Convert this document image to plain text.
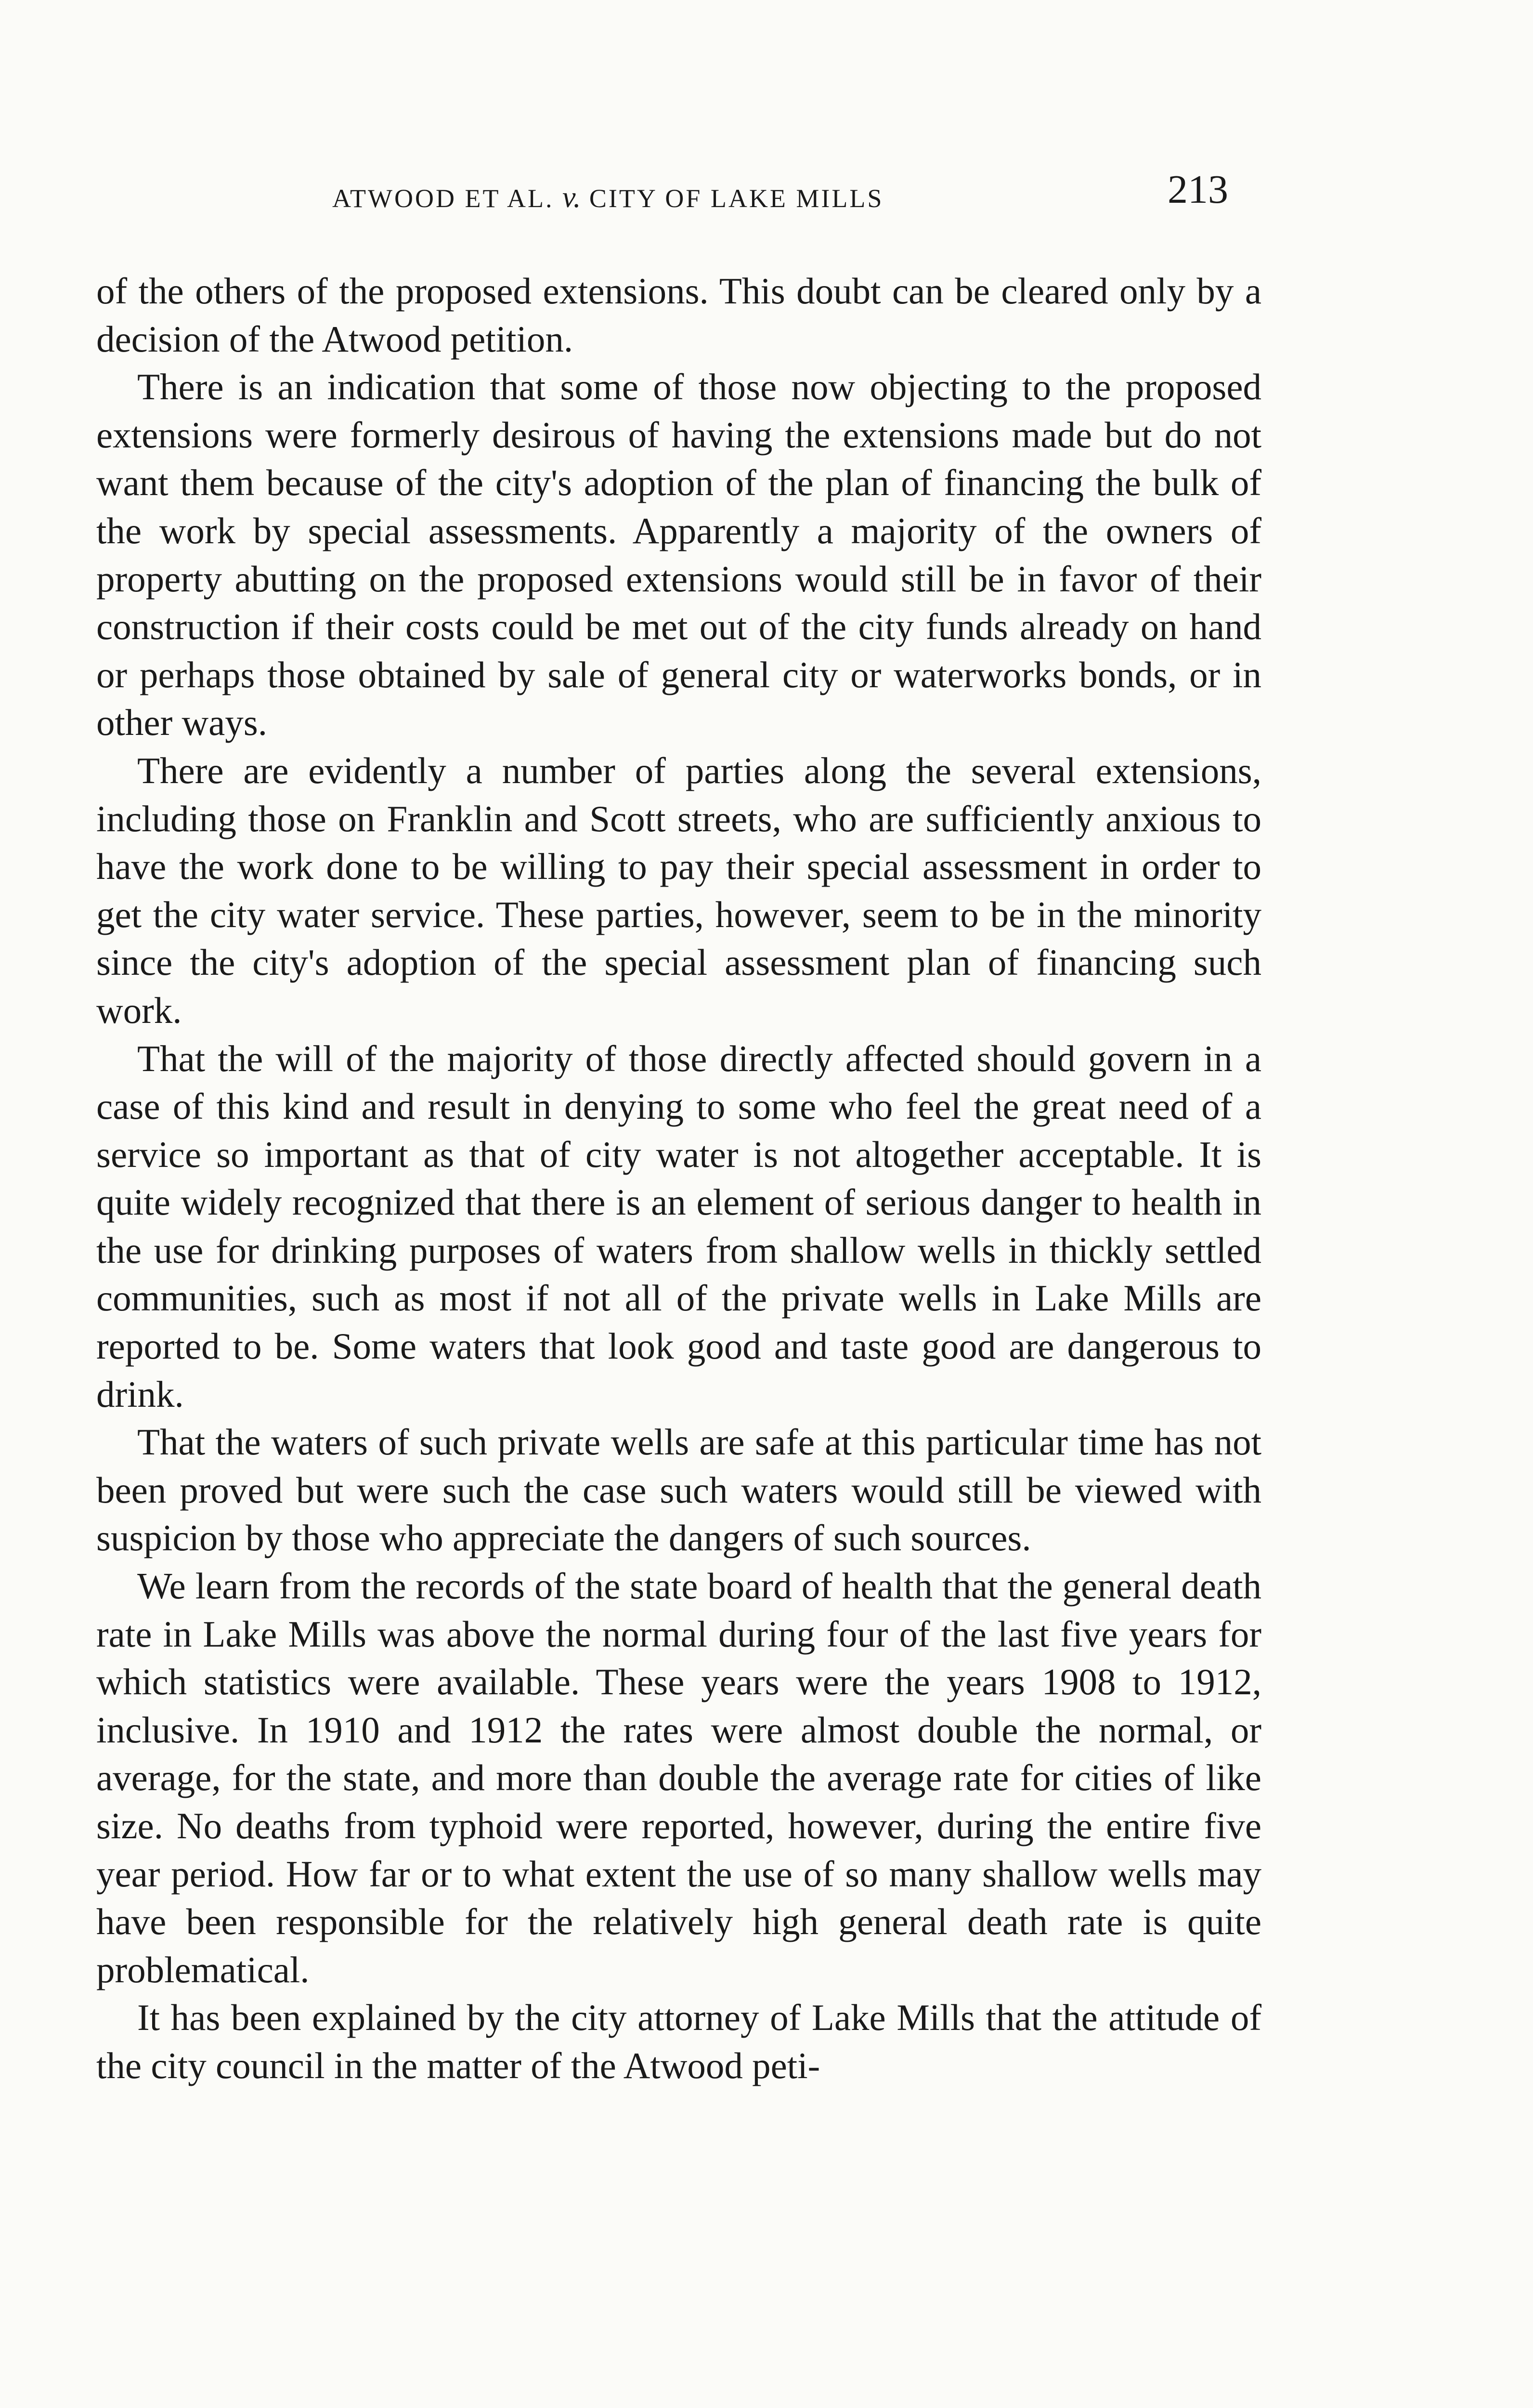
ATWOOD ET AL. v. CITY OF LAKE MILLS	213

of the others of the proposed extensions. This doubt can be cleared only by a decision of the Atwood petition.

There is an indication that some of those now objecting to the proposed extensions were formerly desirous of having the extensions made but do not want them because of the city's adoption of the plan of financing the bulk of the work by special assessments. Apparently a majority of the owners of property abutting on the proposed extensions would still be in favor of their construction if their costs could be met out of the city funds already on hand or perhaps those obtained by sale of general city or waterworks bonds, or in other ways.

There are evidently a number of parties along the several extensions, including those on Franklin and Scott streets, who are sufficiently anxious to have the work done to be willing to pay their special assessment in order to get the city water service. These parties, however, seem to be in the minority since the city's adoption of the special assessment plan of financing such work.

That the will of the majority of those directly affected should govern in a case of this kind and result in denying to some who feel the great need of a service so important as that of city water is not altogether acceptable. It is quite widely recognized that there is an element of serious danger to health in the use for drinking purposes of waters from shallow wells in thickly settled communities, such as most if not all of the private wells in Lake Mills are reported to be. Some waters that look good and taste good are dangerous to drink.

That the waters of such private wells are safe at this particular time has not been proved but were such the case such waters would still be viewed with suspicion by those who appreciate the dangers of such sources.

We learn from the records of the state board of health that the general death rate in Lake Mills was above the normal during four of the last five years for which statistics were available. These years were the years 1908 to 1912, inclusive. In 1910 and 1912 the rates were almost double the normal, or average, for the state, and more than double the average rate for cities of like size. No deaths from typhoid were reported, however, during the entire five year period. How far or to what extent the use of so many shallow wells may have been responsible for the relatively high general death rate is quite problematical.

It has been explained by the city attorney of Lake Mills that the attitude of the city council in the matter of the Atwood peti-
